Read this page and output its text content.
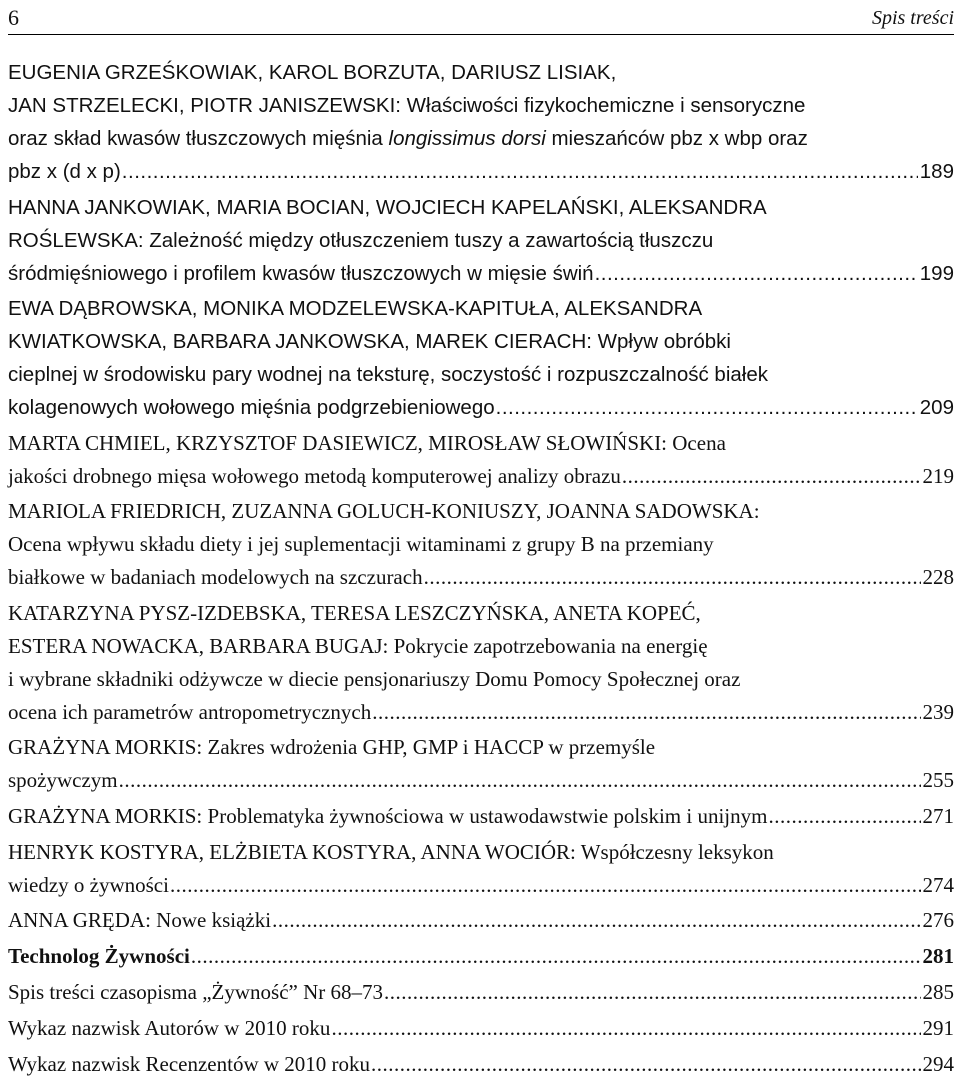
6	Spis treści
EUGENIA GRZEŚKOWIAK, KAROL BORZUTA, DARIUSZ LISIAK,
JAN STRZELECKI, PIOTR JANISZEWSKI: Właściwości fizykochemiczne i sensoryczne
oraz skład kwasów tłuszczowych mięśnia longissimus dorsi mieszańców pbz x wbp oraz
pbz x (d x p) .....	189
HANNA JANKOWIAK, MARIA BOCIAN, WOJCIECH KAPELAŃSKI, ALEKSANDRA
ROŚLEWSKA: Zależność między otłuszczeniem tuszy a zawartością tłuszczu
śródmięśniowego i profilem kwasów tłuszczowych w mięsie świń .....	199
EWA DĄBROWSKA, MONIKA MODZELEWSKA-KAPITUŁA, ALEKSANDRA
KWIATKOWSKA, BARBARA JANKOWSKA, MAREK CIERACH: Wpływ obróbki
cieplnej w środowisku pary wodnej na teksturę, soczystość i rozpuszczalność białek
kolagenowych wołowego mięśnia podgrzebieniowego .....	209
MARTA CHMIEL, KRZYSZTOF DASIEWICZ, MIROSŁAW SŁOWIŃSKI: Ocena
jakości drobnego mięsa wołowego metodą komputerowej analizy obrazu .....	219
MARIOLA FRIEDRICH, ZUZANNA GOLUCH-KONIUSZY, JOANNA SADOWSKA:
Ocena wpływu składu diety i jej suplementacji witaminami z grupy B na przemiany
białkowe w badaniach modelowych na szczurach .....	228
KATARZYNA PYSZ-IZDEBSKA, TERESA LESZCZYŃSKA, ANETA KOPEĆ,
ESTERA NOWACKA, BARBARA BUGAJ: Pokrycie zapotrzebowania na energię
i wybrane składniki odżywcze w diecie pensjonariuszy Domu Pomocy Społecznej oraz
ocena ich parametrów antropometrycznych .....	239
GRAŻYNA MORKIS: Zakres wdrożenia GHP, GMP i HACCP w przemyśle
spożywczym .....	255
GRAŻYNA MORKIS: Problematyka żywnościowa w ustawodawstwie polskim i unijnym .....	271
HENRYK KOSTYRA, ELŻBIETA KOSTYRA, ANNA WOCIÓR: Współczesny leksykon
wiedzy o żywności .....	274
ANNA GRĘDA: Nowe książki .....	276
Technolog Żywności .....	281
Spis treści czasopisma „Żywność” Nr 68–73 .....	285
Wykaz nazwisk Autorów w 2010 roku .....	291
Wykaz nazwisk Recenzentów w 2010 roku .....	294
